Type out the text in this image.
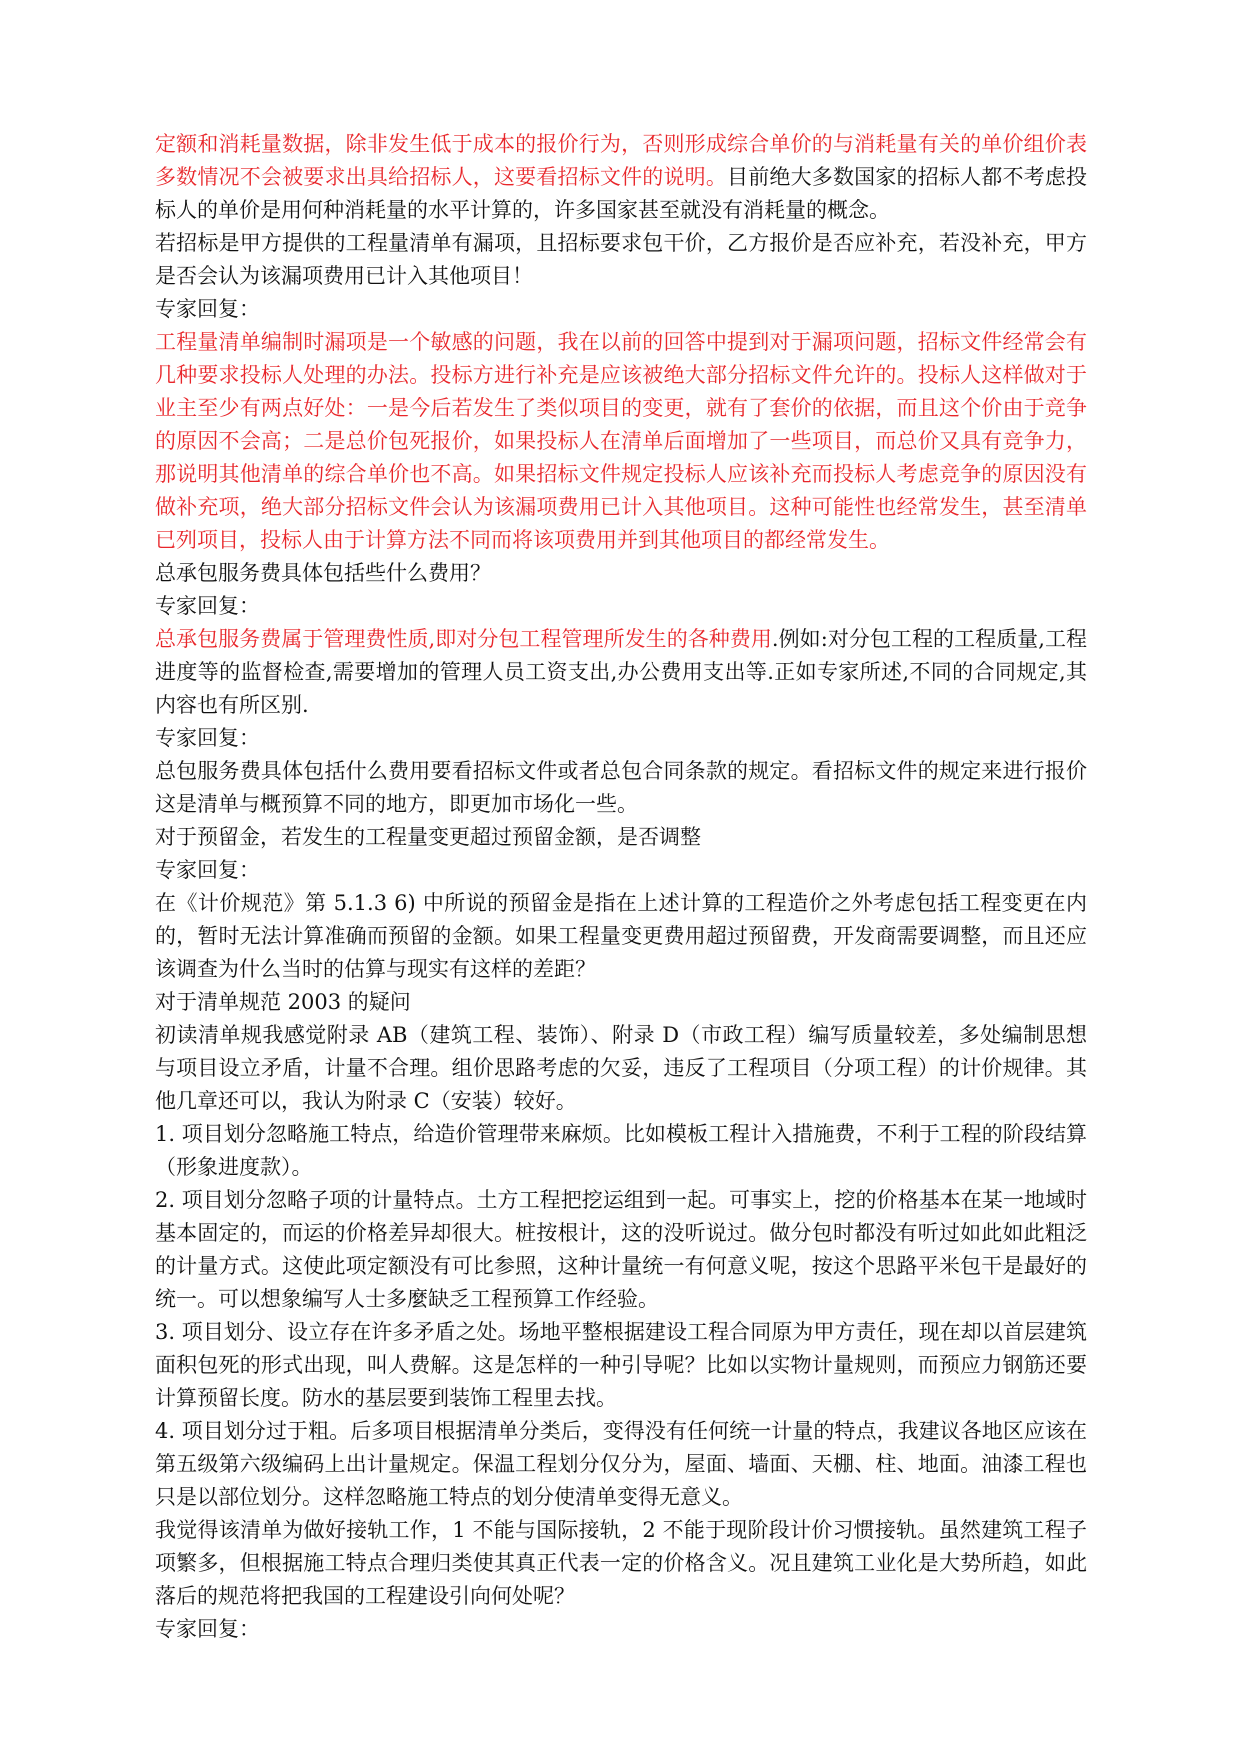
定额和消耗量数据，除非发生低于成本的报价行为，否则形成综合单价的与消耗量有关的单价组价表多数情况不会被要求出具给招标人，这要看招标文件的说明。目前绝大多数国家的招标人都不考虑投标人的单价是用何种消耗量的水平计算的，许多国家甚至就没有消耗量的概念。

若招标是甲方提供的工程量清单有漏项，且招标要求包干价，乙方报价是否应补充，若没补充，甲方是否会认为该漏项费用已计入其他项目！

专家回复：

工程量清单编制时漏项是一个敏感的问题，我在以前的回答中提到对于漏项问题，招标文件经常会有几种要求投标人处理的办法。投标方进行补充是应该被绝大部分招标文件允许的。投标人这样做对于业主至少有两点好处：一是今后若发生了类似项目的变更，就有了套价的依据，而且这个价由于竞争的原因不会高；二是总价包死报价，如果投标人在清单后面增加了一些项目，而总价又具有竞争力，那说明其他清单的综合单价也不高。如果招标文件规定投标人应该补充而投标人考虑竞争的原因没有做补充项，绝大部分招标文件会认为该漏项费用已计入其他项目。这种可能性也经常发生，甚至清单已列项目，投标人由于计算方法不同而将该项费用并到其他项目的都经常发生。

总承包服务费具体包括些什么费用？

专家回复：

总承包服务费属于管理费性质,即对分包工程管理所发生的各种费用.例如:对分包工程的工程质量,工程进度等的监督检查,需要增加的管理人员工资支出,办公费用支出等.正如专家所述,不同的合同规定,其内容也有所区别.

专家回复：

总包服务费具体包括什么费用要看招标文件或者总包合同条款的规定。看招标文件的规定来进行报价这是清单与概预算不同的地方，即更加市场化一些。

对于预留金，若发生的工程量变更超过预留金额，是否调整

专家回复：

在《计价规范》第 5.1.3 6) 中所说的预留金是指在上述计算的工程造价之外考虑包括工程变更在内的，暂时无法计算准确而预留的金额。如果工程量变更费用超过预留费，开发商需要调整，而且还应该调查为什么当时的估算与现实有这样的差距？

对于清单规范 2003 的疑问

初读清单规我感觉附录 AB（建筑工程、装饰）、附录 D（市政工程）编写质量较差，多处编制思想与项目设立矛盾，计量不合理。组价思路考虑的欠妥，违反了工程项目（分项工程）的计价规律。其他几章还可以，我认为附录 C（安装）较好。

1. 项目划分忽略施工特点，给造价管理带来麻烦。比如模板工程计入措施费，不利于工程的阶段结算（形象进度款）。

2. 项目划分忽略子项的计量特点。土方工程把挖运组到一起。可事实上，挖的价格基本在某一地域时基本固定的，而运的价格差异却很大。桩按根计，这的没听说过。做分包时都没有听过如此如此粗泛的计量方式。这使此项定额没有可比参照，这种计量统一有何意义呢，按这个思路平米包干是最好的统一。可以想象编写人士多麼缺乏工程预算工作经验。

3. 项目划分、设立存在许多矛盾之处。场地平整根据建设工程合同原为甲方责任，现在却以首层建筑面积包死的形式出现，叫人费解。这是怎样的一种引导呢？比如以实物计量规则，而预应力钢筋还要计算预留长度。防水的基层要到装饰工程里去找。

4. 项目划分过于粗。后多项目根据清单分类后，变得没有任何统一计量的特点，我建议各地区应该在第五级第六级编码上出计量规定。保温工程划分仅分为，屋面、墙面、天棚、柱、地面。油漆工程也只是以部位划分。这样忽略施工特点的划分使清单变得无意义。

我觉得该清单为做好接轨工作，1 不能与国际接轨，2 不能于现阶段计价习惯接轨。虽然建筑工程子项繁多，但根据施工特点合理归类使其真正代表一定的价格含义。况且建筑工业化是大势所趋，如此落后的规范将把我国的工程建设引向何处呢？

专家回复：
